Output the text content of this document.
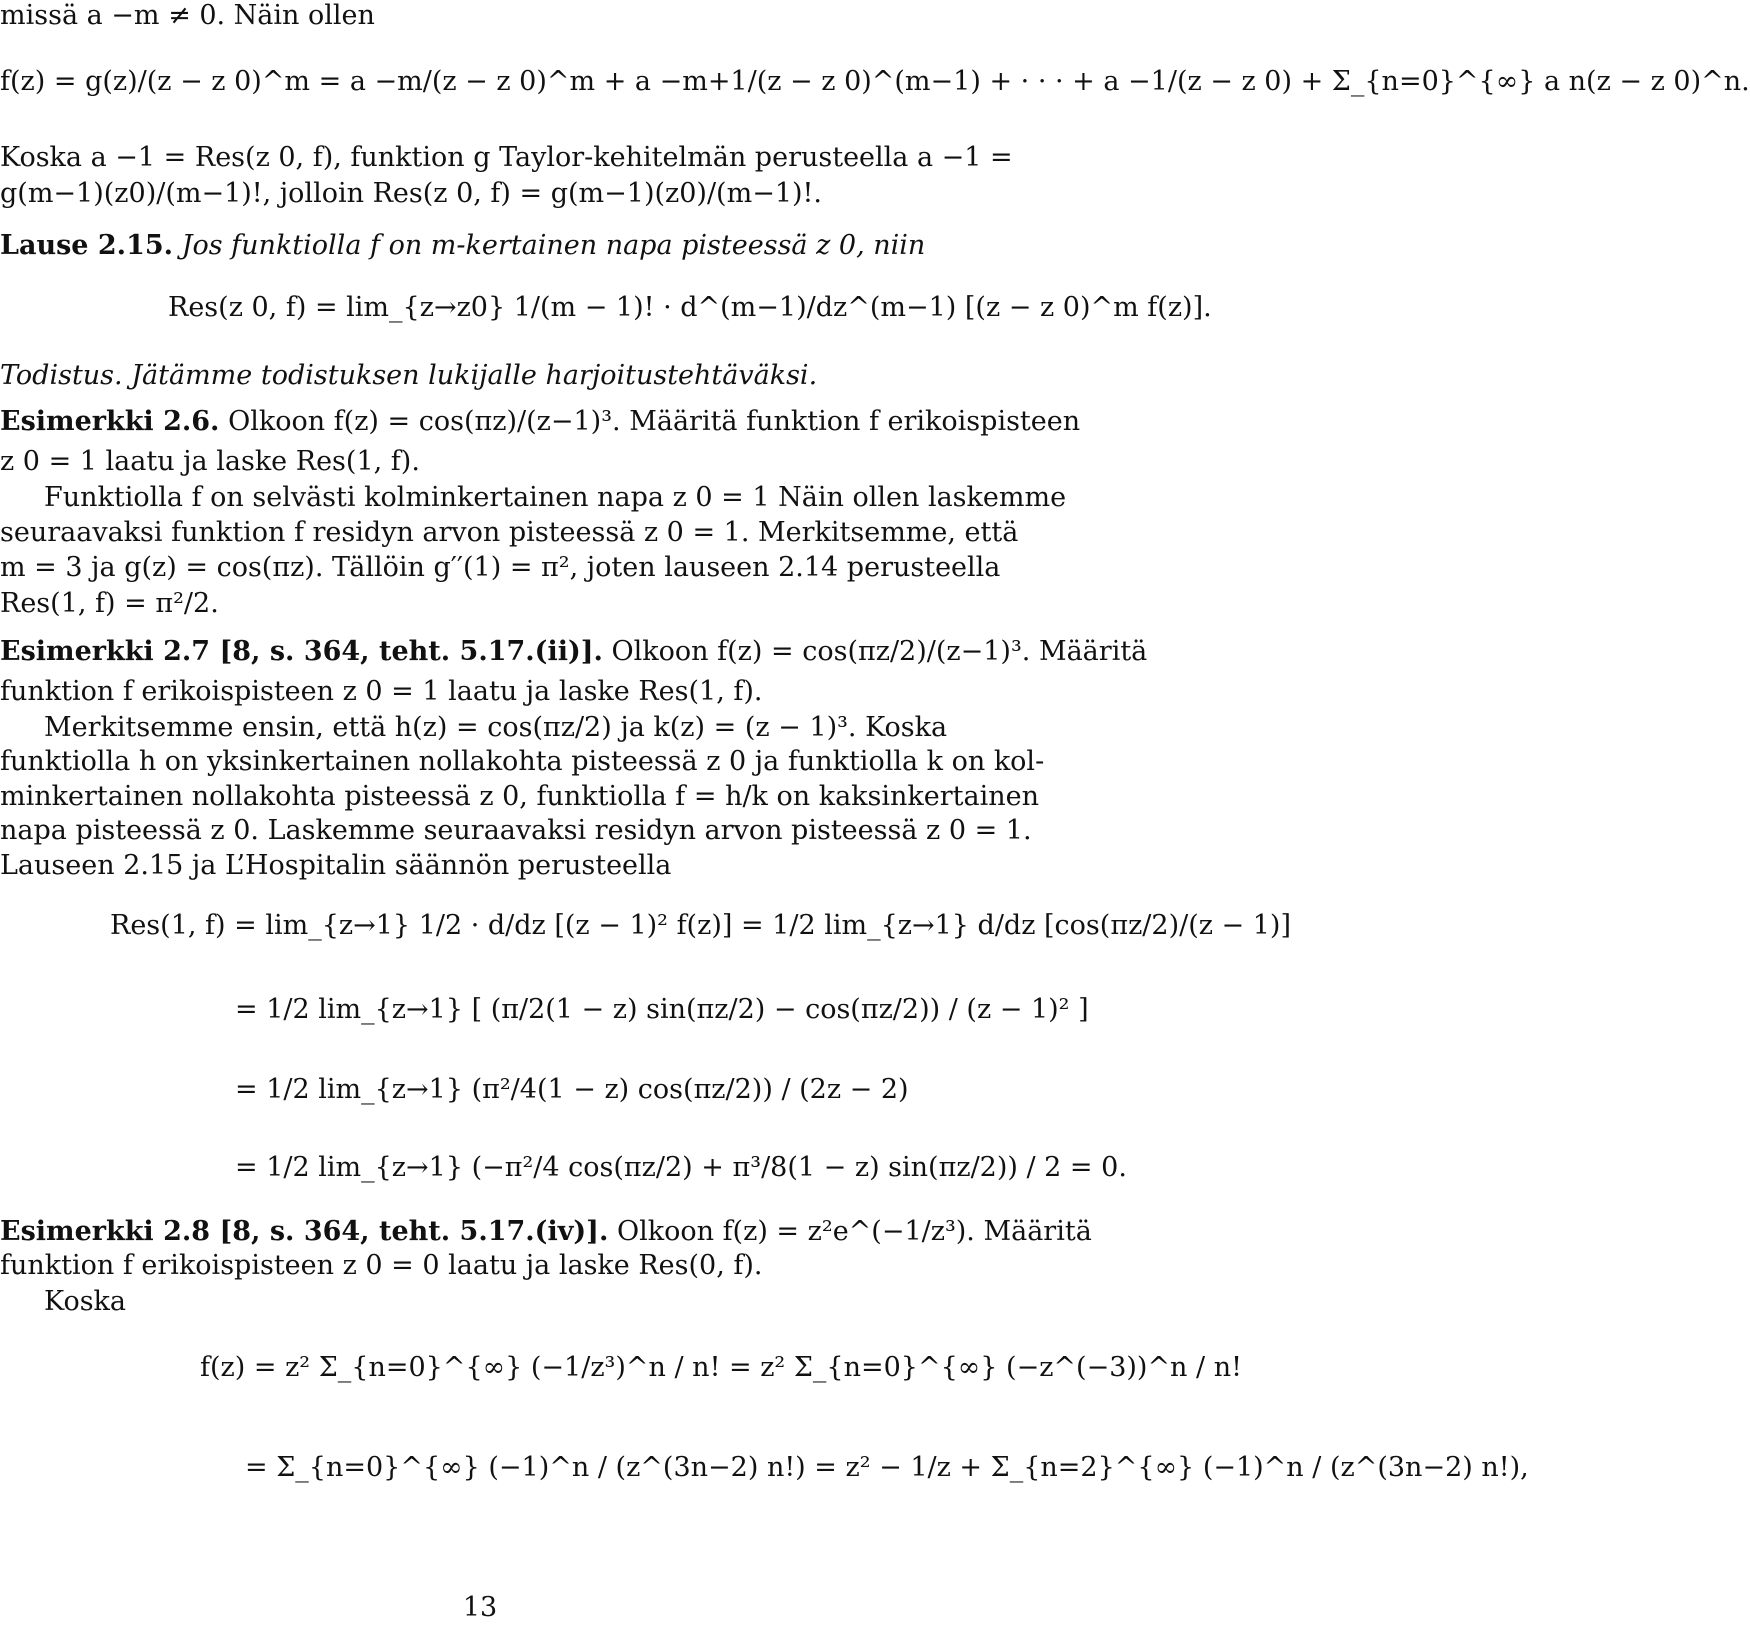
missä a −m ≠ 0. Näin ollen
f(z) = g(z)/(z − z 0)^m = a −m/(z − z 0)^m + a −m+1/(z − z 0)^(m−1) + · · · + a −1/(z − z 0) + Σ_{n=0}^{∞} a n(z − z 0)^n.
Koska a −1 = Res(z 0, f), funktion g Taylor-kehitelmän perusteella a −1 =
g(m−1)(z0)/(m−1)!, jolloin Res(z 0, f) = g(m−1)(z0)/(m−1)!.
Lause 2.15. Jos funktiolla f on m-kertainen napa pisteessä z 0, niin
Res(z 0, f) = lim_{z→z0} 1/(m − 1)! · d^(m−1)/dz^(m−1) [(z − z 0)^m f(z)].
Todistus. Jätämme todistuksen lukijalle harjoitustehtäväksi.
Esimerkki 2.6. Olkoon f(z) = cos(πz)/(z−1)³. Määritä funktion f erikoispisteen
z 0 = 1 laatu ja laske Res(1, f).
Funktiolla f on selvästi kolminkertainen napa z 0 = 1 Näin ollen laskemme
seuraavaksi funktion f residyn arvon pisteessä z 0 = 1. Merkitsemme, että
m = 3 ja g(z) = cos(πz). Tällöin g′′(1) = π², joten lauseen 2.14 perusteella
Res(1, f) = π²/2.
Esimerkki 2.7 [8, s. 364, teht. 5.17.(ii)]. Olkoon f(z) = cos(πz/2)/(z−1)³. Määritä
funktion f erikoispisteen z 0 = 1 laatu ja laske Res(1, f).
Merkitsemme ensin, että h(z) = cos(πz/2) ja k(z) = (z − 1)³. Koska
funktiolla h on yksinkertainen nollakohta pisteessä z 0 ja funktiolla k on kol-
minkertainen nollakohta pisteessä z 0, funktiolla f = h/k on kaksinkertainen
napa pisteessä z 0. Laskemme seuraavaksi residyn arvon pisteessä z 0 = 1.
Lauseen 2.15 ja L’Hospitalin säännön perusteella
Res(1, f) = lim_{z→1} 1/2 · d/dz [(z − 1)² f(z)] = 1/2 lim_{z→1} d/dz [cos(πz/2)/(z − 1)]
= 1/2 lim_{z→1} [ (π/2(1 − z) sin(πz/2) − cos(πz/2)) / (z − 1)² ]
= 1/2 lim_{z→1} (π²/4(1 − z) cos(πz/2)) / (2z − 2)
= 1/2 lim_{z→1} (−π²/4 cos(πz/2) + π³/8(1 − z) sin(πz/2)) / 2 = 0.
Esimerkki 2.8 [8, s. 364, teht. 5.17.(iv)]. Olkoon f(z) = z²e^(−1/z³). Määritä
funktion f erikoispisteen z 0 = 0 laatu ja laske Res(0, f).
Koska
f(z) = z² Σ_{n=0}^{∞} (−1/z³)^n / n! = z² Σ_{n=0}^{∞} (−z^(−3))^n / n!
= Σ_{n=0}^{∞} (−1)^n / (z^(3n−2) n!) = z² − 1/z + Σ_{n=2}^{∞} (−1)^n / (z^(3n−2) n!),
13
